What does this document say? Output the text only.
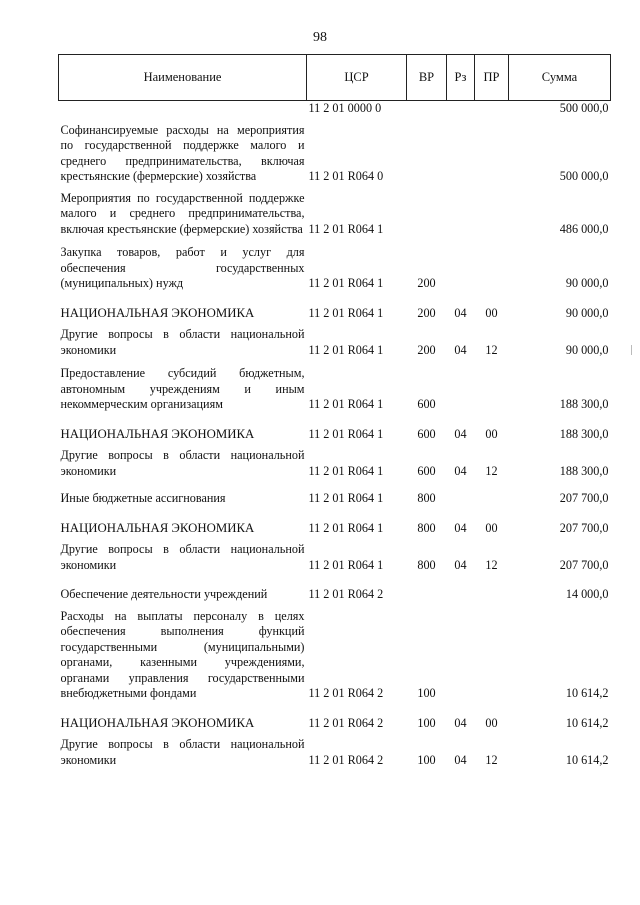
98
Наименование	ЦСР	ВР	Рз	ПР	Сумма
	11 2 01 0000 0				500 000,0
Софинансируемые расходы на мероприятия по государственной поддержке малого и среднего предпринимательства, включая крестьянские (фермерские) хозяйства	11 2 01 R064 0				500 000,0
Мероприятия по государственной поддержке малого и среднего предпринимательства, включая крестьянские (фермерские) хозяйства	11 2 01 R064 1				486 000,0
Закупка товаров, работ и услуг для обеспечения государственных (муниципальных) нужд	11 2 01 R064 1	200			90 000,0
НАЦИОНАЛЬНАЯ ЭКОНОМИКА	11 2 01 R064 1	200	04	00	90 000,0
Другие вопросы в области национальной экономики	11 2 01 R064 1	200	04	12	90 000,0
Предоставление субсидий бюджетным, автономным учреждениям и иным некоммерческим организациям	11 2 01 R064 1	600			188 300,0
НАЦИОНАЛЬНАЯ ЭКОНОМИКА	11 2 01 R064 1	600	04	00	188 300,0
Другие вопросы в области национальной экономики	11 2 01 R064 1	600	04	12	188 300,0
Иные бюджетные ассигнования	11 2 01 R064 1	800			207 700,0
НАЦИОНАЛЬНАЯ ЭКОНОМИКА	11 2 01 R064 1	800	04	00	207 700,0
Другие вопросы в области национальной экономики	11 2 01 R064 1	800	04	12	207 700,0
Обеспечение деятельности учреждений	11 2 01 R064 2				14 000,0
Расходы на выплаты персоналу в целях обеспечения выполнения функций государственными (муниципальными) органами, казенными учреждениями, органами управления государственными внебюджетными фондами	11 2 01 R064 2	100			10 614,2
НАЦИОНАЛЬНАЯ ЭКОНОМИКА	11 2 01 R064 2	100	04	00	10 614,2
Другие вопросы в области национальной экономики	11 2 01 R064 2	100	04	12	10 614,2
